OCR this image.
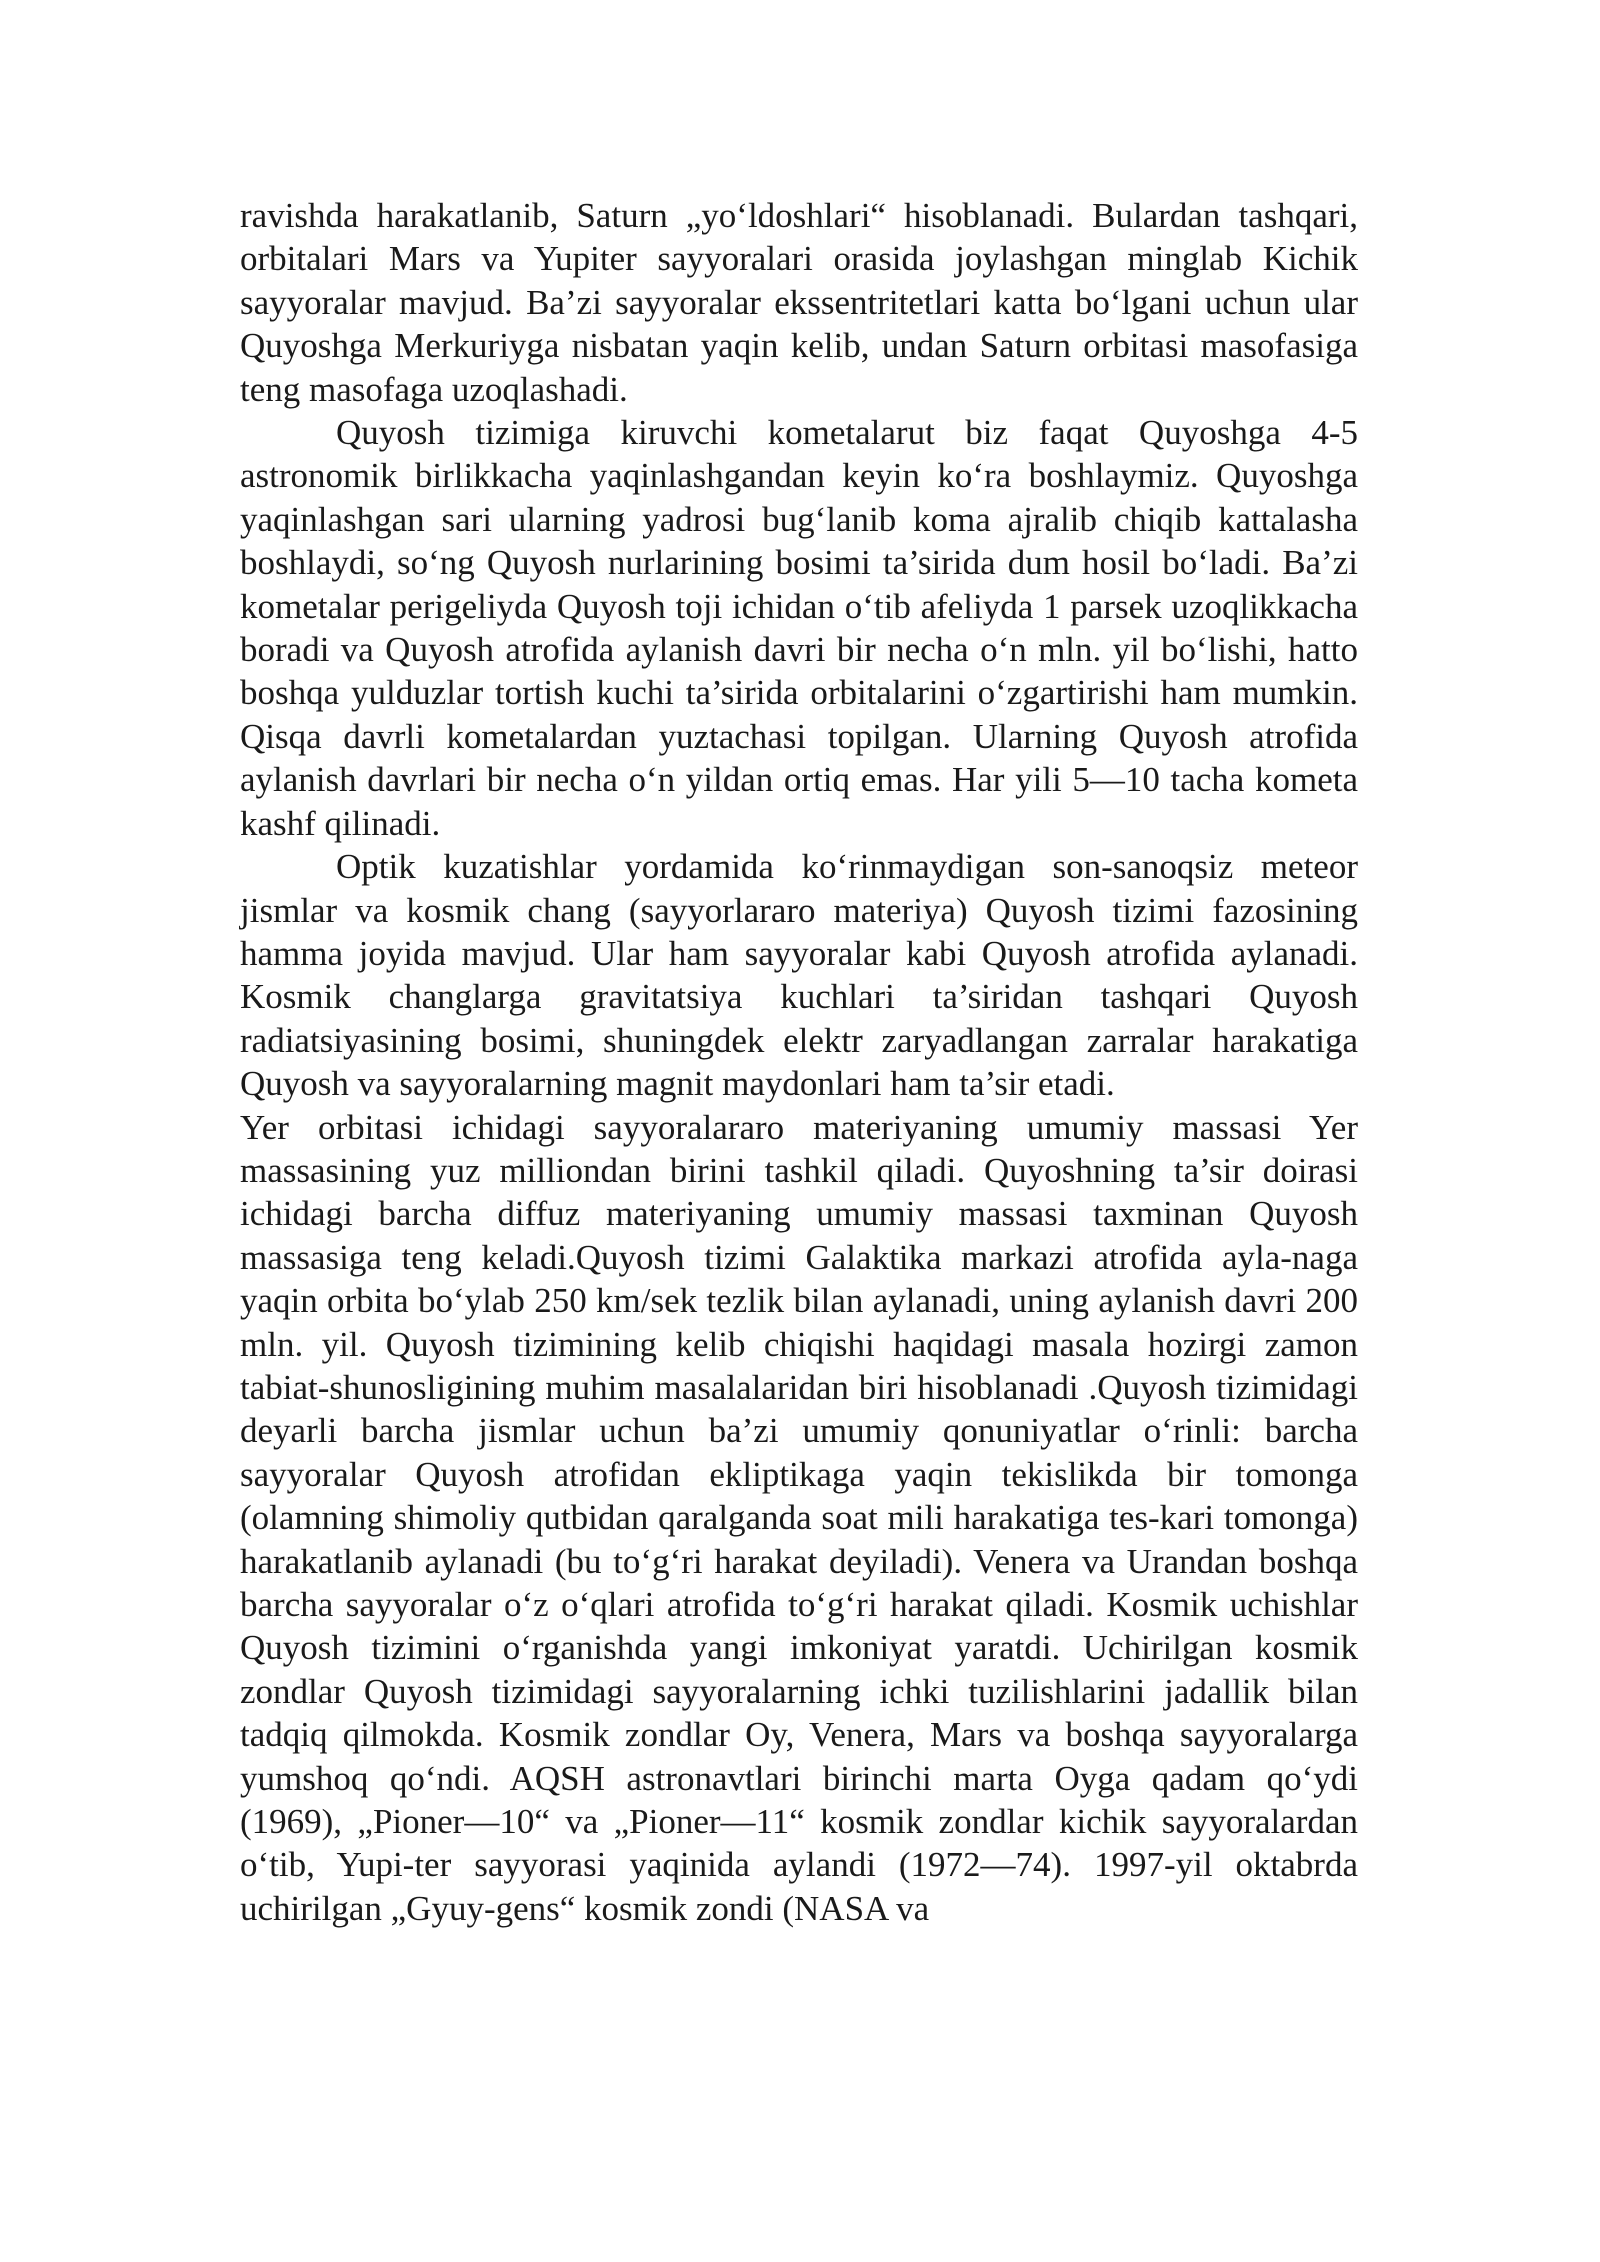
ravishda harakatlanib, Saturn „yo‘ldoshlari“ hisoblanadi. Bulardan tashqari, orbitalari Mars va Yupiter sayyoralari orasida joylashgan minglab Kichik sayyoralar mavjud. Ba’zi sayyoralar ekssentritetlari katta bo‘lgani uchun ular Quyoshga Merkuriyga nisbatan yaqin kelib, undan Saturn orbitasi masofasiga teng masofaga uzoqlashadi.

Quyosh tizimiga kiruvchi kometalarut biz faqat Quyoshga 4-5 astronomik birlikkacha yaqinlashgandan keyin ko‘ra boshlaymiz. Quyoshga yaqinlashgan sari ularning yadrosi bug‘lanib koma ajralib chiqib kattalasha boshlaydi, so‘ng Quyosh nurlarining bosimi ta’sirida dum hosil bo‘ladi. Ba’zi kometalar perigeliyda Quyosh toji ichidan o‘tib afeliyda 1 parsek uzoqlikkacha boradi va Quyosh atrofida aylanish davri bir necha o‘n mln. yil bo‘lishi, hatto boshqa yulduzlar tortish kuchi ta’sirida orbitalarini o‘zgartirishi ham mumkin. Qisqa davrli kometalardan yuztachasi topilgan. Ularning Quyosh atrofida aylanish davrlari bir necha o‘n yildan ortiq emas. Har yili 5—10 tacha kometa kashf qilinadi.

Optik kuzatishlar yordamida ko‘rinmaydigan son-sanoqsiz meteor jismlar va kosmik chang (sayyorlararo materiya) Quyosh tizimi fazosining hamma joyida mavjud. Ular ham sayyoralar kabi Quyosh atrofida aylanadi. Kosmik changlarga gravitatsiya kuchlari ta’siridan tashqari Quyosh radiatsiyasining bosimi, shuningdek elektr zaryadlangan zarralar harakatiga Quyosh va sayyoralarning magnit maydonlari ham ta’sir etadi.

Yer orbitasi ichidagi sayyoralararo materiyaning umumiy massasi Yer massasining yuz milliondan birini tashkil qiladi. Quyoshning ta’sir doirasi ichidagi barcha diffuz materiyaning umumiy massasi taxminan Quyosh massasiga teng keladi.Quyosh tizimi Galaktika markazi atrofida ayla-naga yaqin orbita bo‘ylab 250 km/sek tezlik bilan aylanadi, uning aylanish davri 200 mln. yil. Quyosh tizimining kelib chiqishi haqidagi masala hozirgi zamon tabiat-shunosligining muhim masalalaridan biri hisoblanadi .Quyosh tizimidagi deyarli barcha jismlar uchun ba’zi umumiy qonuniyatlar o‘rinli: barcha sayyoralar Quyosh atrofidan ekliptikaga yaqin tekislikda bir tomonga (olamning shimoliy qutbidan qaralganda soat mili harakatiga tes-kari tomonga) harakatlanib aylanadi (bu to‘g‘ri harakat deyiladi). Venera va Urandan boshqa barcha sayyoralar o‘z o‘qlari atrofida to‘g‘ri harakat qiladi. Kosmik uchishlar Quyosh tizimini o‘rganishda yangi imkoniyat yaratdi. Uchirilgan kosmik zondlar Quyosh tizimidagi sayyoralarning ichki tuzilishlarini jadallik bilan tadqiq qilmokda. Kosmik zondlar Oy, Venera, Mars va boshqa sayyoralarga yumshoq qo‘ndi. AQSH astronavtlari birinchi marta Oyga qadam qo‘ydi (1969), „Pioner—10“ va „Pioner—11“ kosmik zondlar kichik sayyoralardan o‘tib, Yupi-ter sayyorasi yaqinida aylandi (1972—74). 1997-yil oktabrda uchirilgan „Gyuy-gens“ kosmik zondi (NASA va
